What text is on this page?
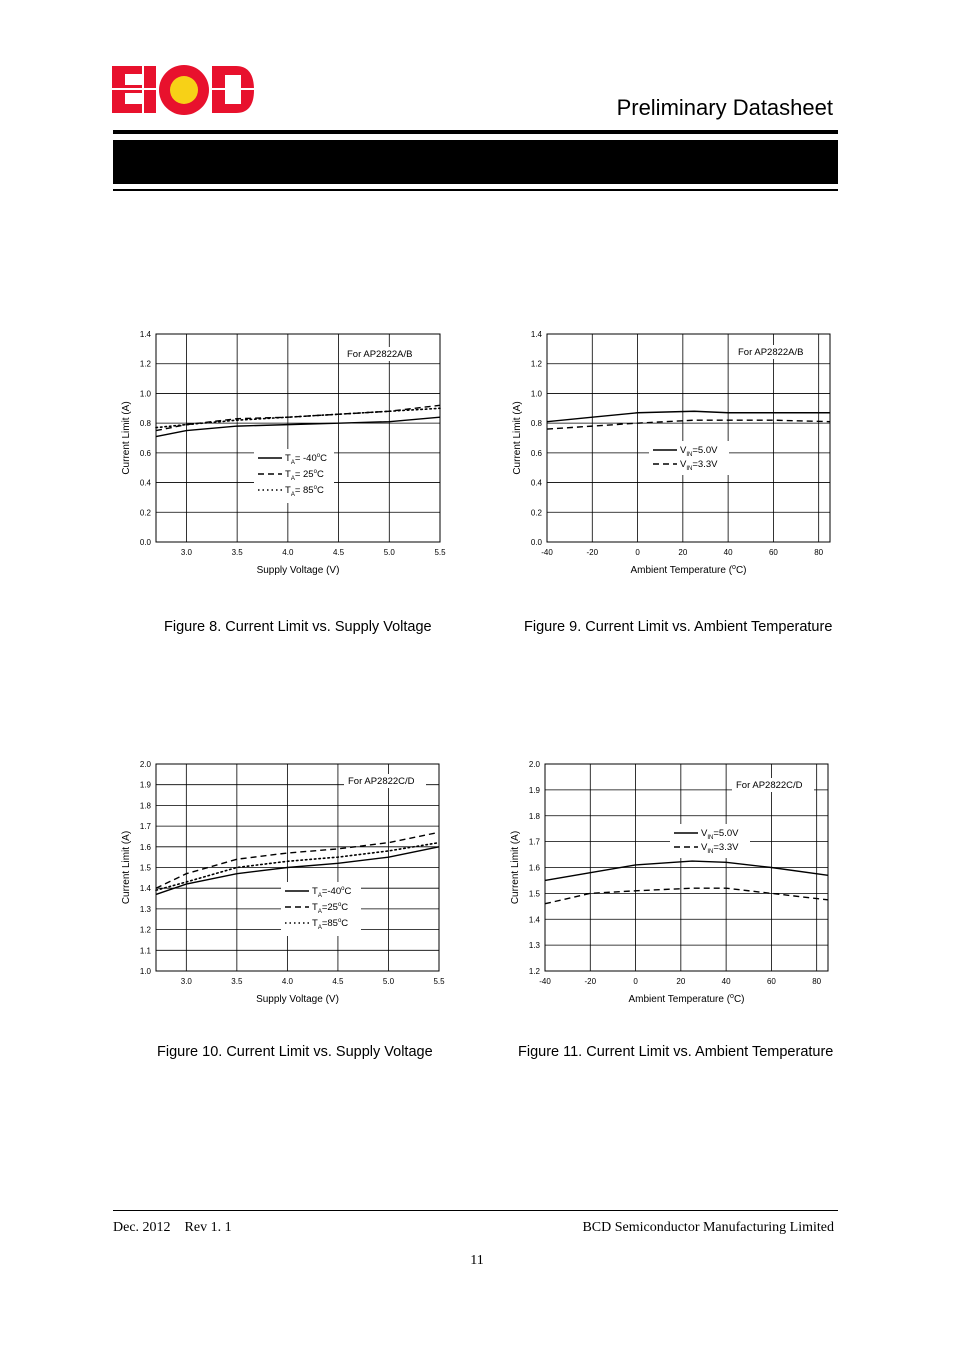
Preliminary Datasheet
3.0	3.5	4.0	4.5	5.0	5.5
0.0
0.2
0.4
0.6
0.8
1.0
1.2
1.4
Supply Voltage (V)
Current Limit (A)
For AP2822A/B
$T_A= -40^oC$
$T_A= 25^oC$
$T_A= 85^oC$
-40	-20	0	20	40	60	80
0.0
0.2
0.4
0.6
0.8
1.0
1.2
1.4
Ambient Temperature ($^o$C)
Current Limit (A)
For AP2822A/B
$V_{IN}=5.0V$
$V_{IN}=3.3V$
3.0	3.5	4.0	4.5	5.0	5.5
1.0
1.1
1.2
1.3
1.4
1.5
1.6
1.7
1.8
1.9
2.0
Supply Voltage (V)
Current Limit (A)
For AP2822C/D
$T_A=-40^oC$
$T_A=25^oC$
$T_A=85^oC$
-40	-20	0	20	40	60	80
1.2
1.3
1.4
1.5
1.6
1.7
1.8
1.9
2.0
Ambient Temperature ($^o$C)
Current Limit (A)
For AP2822C/D
$V_{IN}=5.0V$
$V_{IN}=3.3V$
Figure 8. Current Limit vs. Supply Voltage	Figure 9. Current Limit vs. Ambient Temperature
Figure 10. Current Limit vs. Supply Voltage	Figure 11. Current Limit vs. Ambient Temperature
Dec. 2012    Rev 1. 1	BCD Semiconductor Manufacturing Limited
11
